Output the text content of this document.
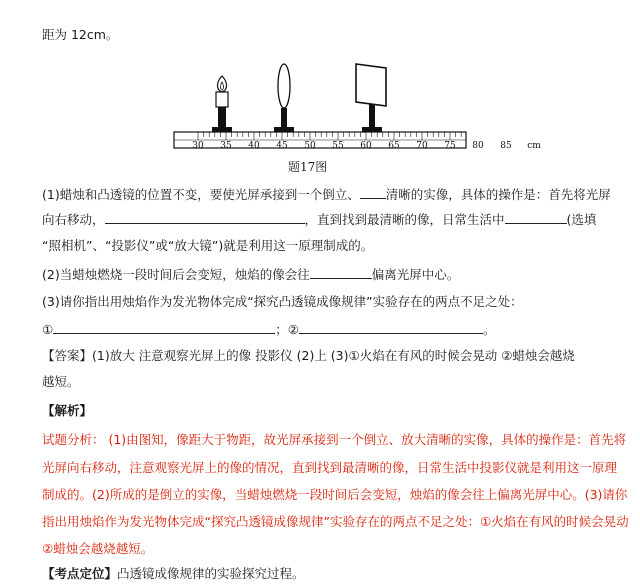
距为 12cm。
30 35 40 45 50 55 60 65 70 75 80 85 cm
题17图
(1)蜡烛和凸透镜的位置不变，要使光屏承接到一个倒立、 清晰的实像，具体的操作是：首先将光屏
向右移动，	，直到找到最清晰的像，日常生活中	(选填
“照相机”、“投影仪”或“放大镜”)就是利用这一原理制成的。
(2)当蜡烛燃烧一段时间后会变短，烛焰的像会往	偏离光屏中心。
(3)请你指出用烛焰作为发光物体完成“探究凸透镜成像规律”实验存在的两点不足之处：
①	；②	。
【答案】(1)放大 注意观察光屏上的像 投影仪 (2)上 (3)①火焰在有风的时候会晃动 ②蜡烛会越烧
越短。
【解析】
试题分析： (1)由图知，像距大于物距，故光屏承接到一个倒立、放大清晰的实像，具体的操作是：首先将
光屏向右移动，注意观察光屏上的像的情况，直到找到最清晰的像，日常生活中投影仪就是利用这一原理
制成的。(2)所成的是倒立的实像，当蜡烛燃烧一段时间后会变短，烛焰的像会往上偏离光屏中心。(3)请你
指出用烛焰作为发光物体完成“探究凸透镜成像规律”实验存在的两点不足之处：①火焰在有风的时候会晃动
②蜡烛会越烧越短。
【考点定位】凸透镜成像规律的实验探究过程。
